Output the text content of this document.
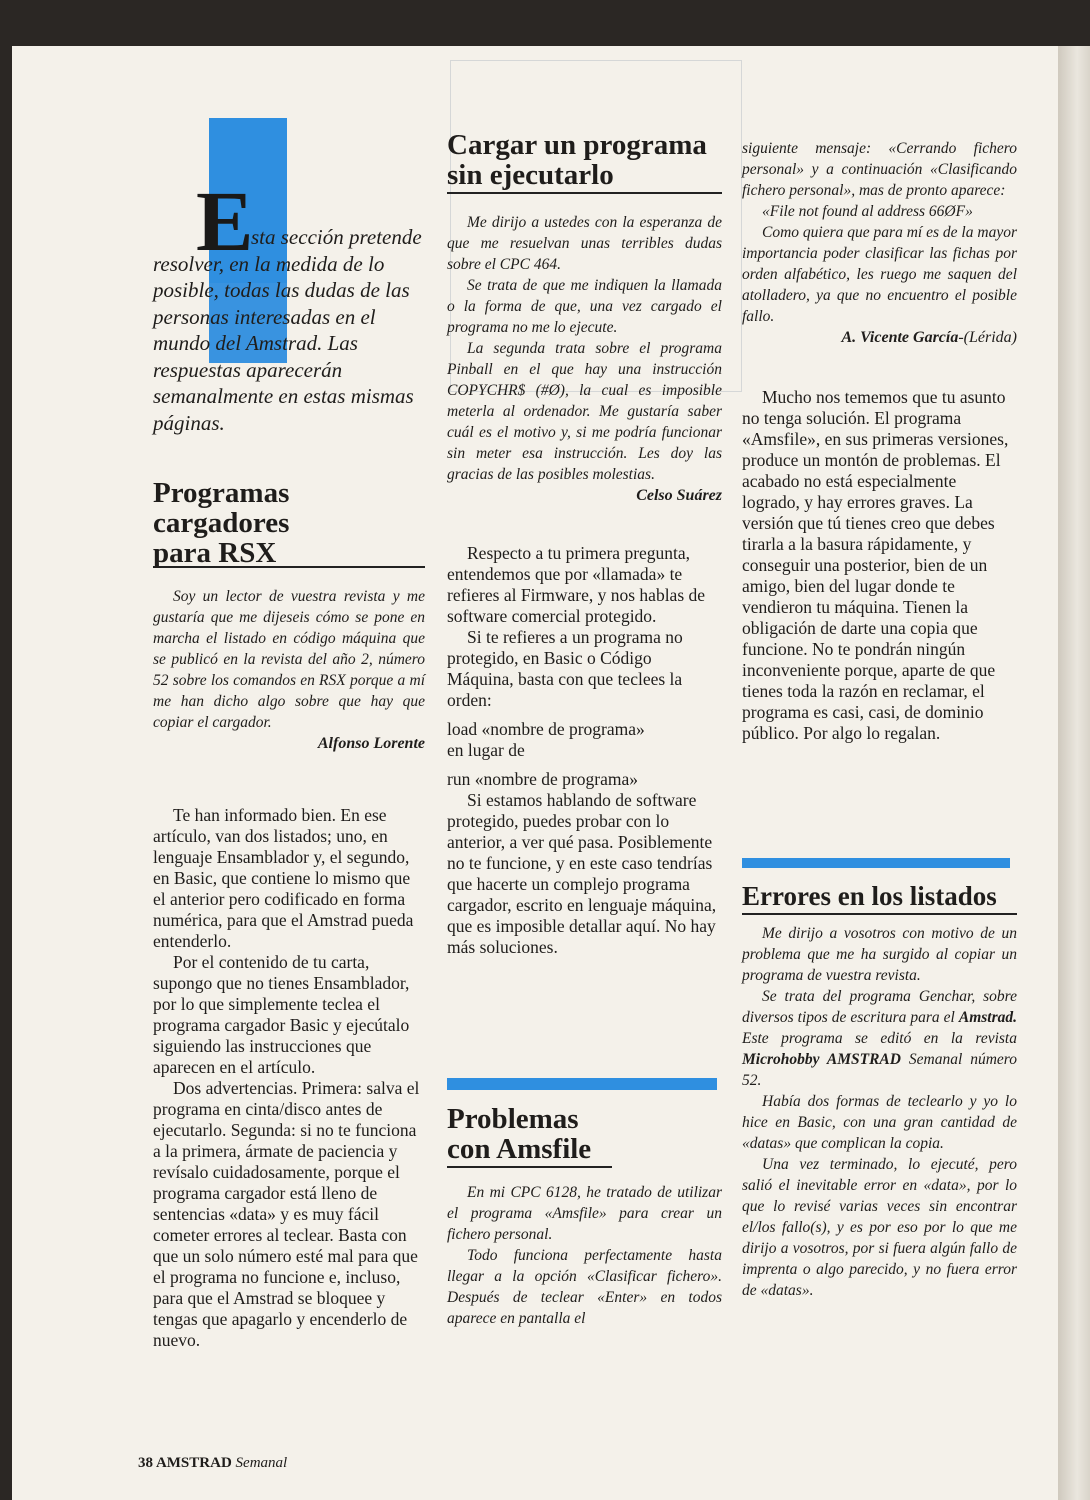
E
sta sección pretende
resolver, en la medida de lo posible, todas las dudas de las personas interesadas en el mundo del Amstrad. Las respuestas aparecerán semanalmente en estas mismas páginas.
Programas cargadores para RSX

Soy un lector de vuestra revista y me gustaría que me dijeseis cómo se pone en marcha el listado en código máquina que se publicó en la revista del año 2, número 52 sobre los comandos en RSX porque a mí me han dicho algo sobre que hay que copiar el cargador.

Alfonso Lorente

Te han informado bien. En ese artículo, van dos listados; uno, en lenguaje Ensamblador y, el segundo, en Basic, que contiene lo mismo que el anterior pero codificado en forma numérica, para que el Amstrad pueda entenderlo.

Por el contenido de tu carta, supongo que no tienes Ensamblador, por lo que simplemente teclea el programa cargador Basic y ejecútalo siguiendo las instrucciones que aparecen en el artículo.

Dos advertencias. Primera: salva el programa en cinta/disco antes de ejecutarlo. Segunda: si no te funciona a la primera, ármate de paciencia y revísalo cuidadosamente, porque el programa cargador está lleno de sentencias «data» y es muy fácil cometer errores al teclear. Basta con que un solo número esté mal para que el programa no funcione e, incluso, para que el Amstrad se bloquee y tengas que apagarlo y encenderlo de nuevo.

Cargar un programa sin ejecutarlo

Me dirijo a ustedes con la esperanza de que me resuelvan unas terribles dudas sobre el CPC 464.

Se trata de que me indiquen la llamada o la forma de que, una vez cargado el programa no me lo ejecute.

La segunda trata sobre el programa Pinball en el que hay una instrucción COPYCHR$ (#Ø), la cual es imposible meterla al ordenador. Me gustaría saber cuál es el motivo y, si me podría funcionar sin meter esa instrucción. Les doy las gracias de las posibles molestias.

Celso Suárez

Respecto a tu primera pregunta, entendemos que por «llamada» te refieres al Firmware, y nos hablas de software comercial protegido.

Si te refieres a un programa no protegido, en Basic o Código Máquina, basta con que teclees la orden:

load «nombre de programa»

en lugar de

run «nombre de programa»

Si estamos hablando de software protegido, puedes probar con lo anterior, a ver qué pasa. Posiblemente no te funcione, y en este caso tendrías que hacerte un complejo programa cargador, escrito en lenguaje máquina, que es imposible detallar aquí. No hay más soluciones.

Problemas con Amsfile

En mi CPC 6128, he tratado de utilizar el programa «Amsfile» para crear un fichero personal.

Todo funciona perfectamente hasta llegar a la opción «Clasificar fichero». Después de teclear «Enter» en todos aparece en pantalla el

siguiente mensaje: «Cerrando fichero personal» y a continuación «Clasificando fichero personal», mas de pronto aparece:

«File not found al address 66ØF»

Como quiera que para mí es de la mayor importancia poder clasificar las fichas por orden alfabético, les ruego me saquen del atolladero, ya que no encuentro el posible fallo.

A. Vicente García-(Lérida)

Mucho nos tememos que tu asunto no tenga solución. El programa «Amsfile», en sus primeras versiones, produce un montón de problemas. El acabado no está especialmente logrado, y hay errores graves. La versión que tú tienes creo que debes tirarla a la basura rápidamente, y conseguir una posterior, bien de un amigo, bien del lugar donde te vendieron tu máquina. Tienen la obligación de darte una copia que funcione. No te pondrán ningún inconveniente porque, aparte de que tienes toda la razón en reclamar, el programa es casi, casi, de dominio público. Por algo lo regalan.

Errores en los listados

Me dirijo a vosotros con motivo de un problema que me ha surgido al copiar un programa de vuestra revista.

Se trata del programa Genchar, sobre diversos tipos de escritura para el Amstrad. Este programa se editó en la revista Microhobby AMSTRAD Semanal número 52.

Había dos formas de teclearlo y yo lo hice en Basic, con una gran cantidad de «datas» que complican la copia.

Una vez terminado, lo ejecuté, pero salió el inevitable error en «data», por lo que lo revisé varias veces sin encontrar el/los fallo(s), y es por eso por lo que me dirijo a vosotros, por si fuera algún fallo de imprenta o algo parecido, y no fuera error de «datas».

38 AMSTRAD Semanal
